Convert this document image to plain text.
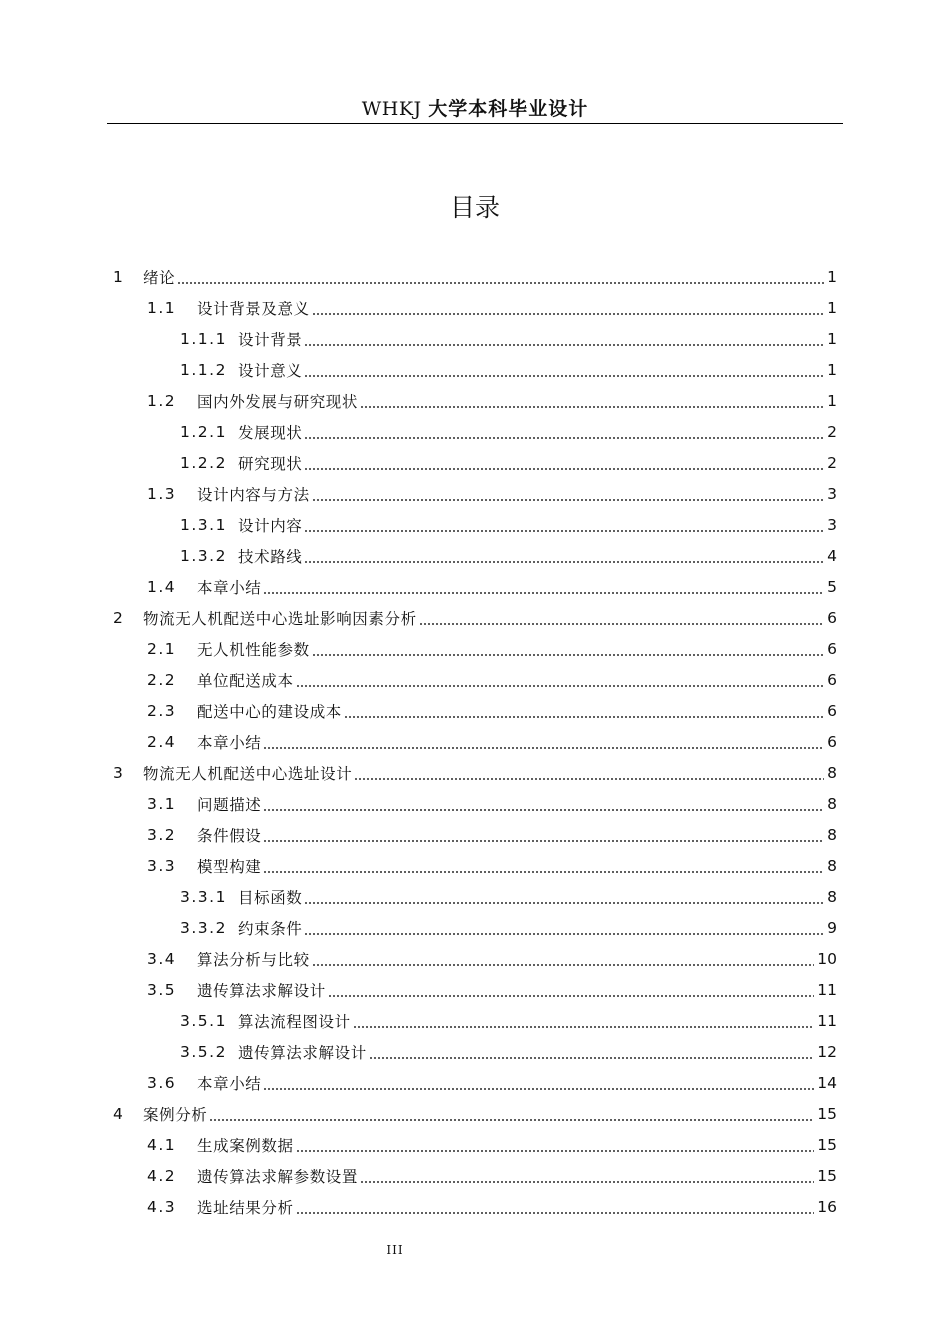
WHKJ 大学本科毕业设计
目录
1	绪论	1
1.1	设计背景及意义	1
1.1.1 设计背景	1
1.1.2 设计意义	1
1.2	国内外发展与研究现状	1
1.2.1 发展现状	2
1.2.2 研究现状	2
1.3	设计内容与方法	3
1.3.1 设计内容	3
1.3.2 技术路线	4
1.4	本章小结	5
2	物流无人机配送中心选址影响因素分析	6
2.1	无人机性能参数	6
2.2	单位配送成本	6
2.3	配送中心的建设成本	6
2.4	本章小结	6
3	物流无人机配送中心选址设计	8
3.1	问题描述	8
3.2	条件假设	8
3.3	模型构建	8
3.3.1 目标函数	8
3.3.2 约束条件	9
3.4	算法分析与比较	10
3.5	遗传算法求解设计	11
3.5.1 算法流程图设计	11
3.5.2 遗传算法求解设计	12
3.6	本章小结	14
4	案例分析	15
4.1	生成案例数据	15
4.2	遗传算法求解参数设置	15
4.3	选址结果分析	16
III
